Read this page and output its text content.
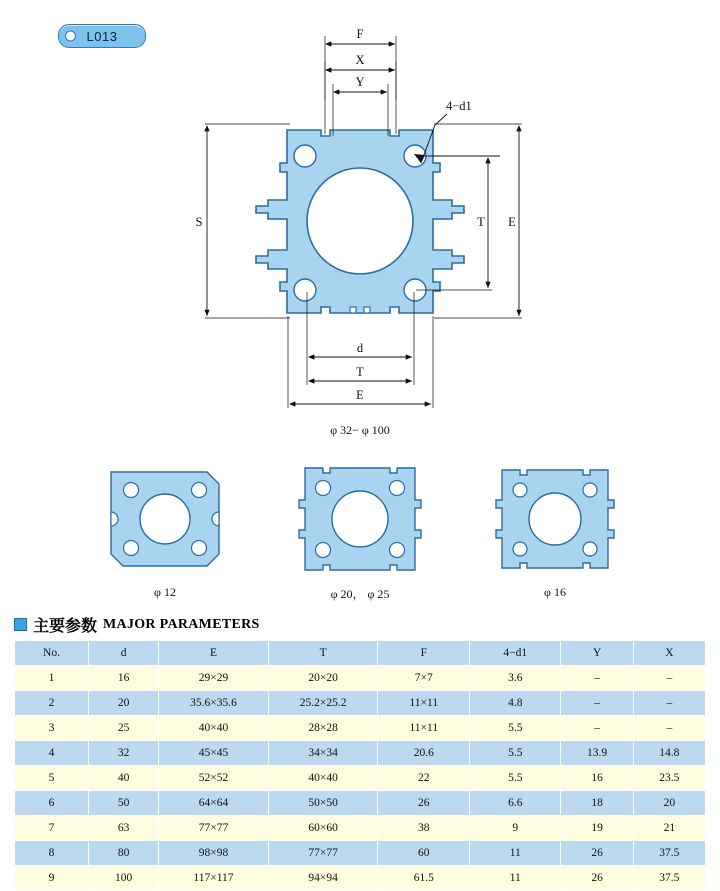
L013	F
X
Y
S	E
T
d
T
E
4−d1
φ 32− φ 100
φ 12	φ 20， φ 25	φ 16
主要参数 MAJOR PARAMETERS
No.	d	E	T	F	4−d1	Y	X
1	16	29×29	20×20	7×7	3.6	–	–
2	20	35.6×35.6	25.2×25.2	11×11	4.8	–	–
3	25	40×40	28×28	11×11	5.5	–	–
4	32	45×45	34×34	20.6	5.5	13.9	14.8
5	40	52×52	40×40	22	5.5	16	23.5
6	50	64×64	50×50	26	6.6	18	20
7	63	77×77	60×60	38	9	19	21
8	80	98×98	77×77	60	11	26	37.5
9	100	117×117	94×94	61.5	11	26	37.5
